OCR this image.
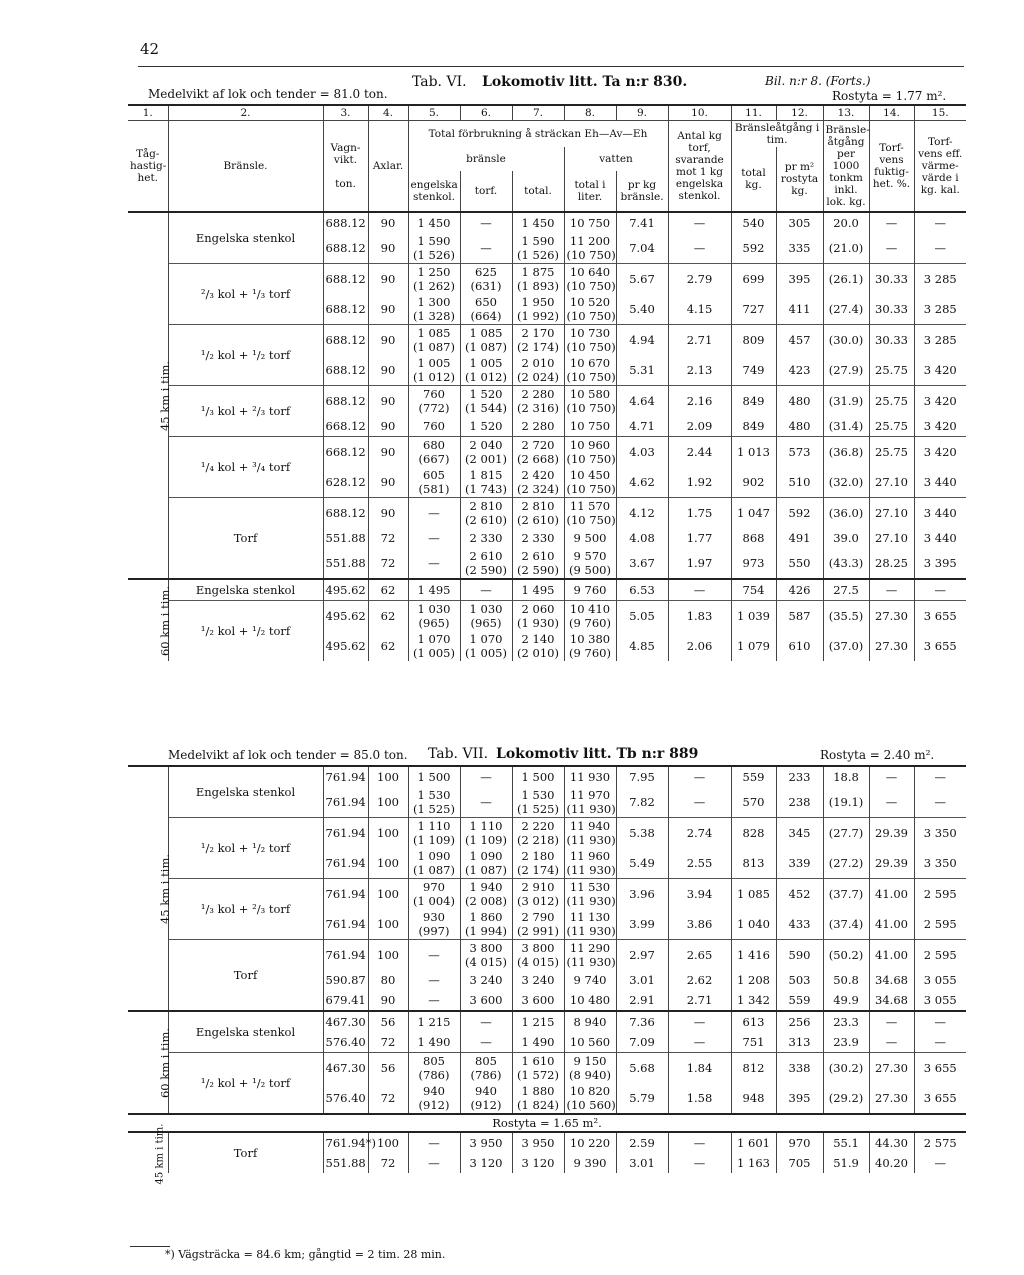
42
Medelvikt af lok och tender = 81.0 ton.
Tab. VI. Lokomotiv litt. Ta n:r 830.	Bil. n:r 8. (Forts.)
Rostyta = 1.77 m².
1.	2.	3.	4.	5.	6.	7.	8.	9.	10.	11.	12.	13.	14.	15.
Tåg-hastig-het.	Bränsle.	Vagn-vikt.

ton.	Axlar.	Total förbrukning å sträckan Eh—Av—Eh					Antal kg torf, svarande mot 1 kg engelska stenkol.	Bränsleåtgång i tim.		Bränsle-åtgång per 1000 tonkm inkl. lok. kg.	Torf-vens fuktig-het. %.	Torf-vens eff. värme-värde i kg. kal.
				bränsle			vatten			total kg.	pr m² rostyta kg.			
				engelska stenkol.	torf.	total.	total i liter.	pr kg bränsle.						
45 km i tim.	Engelska stenkol	688.12	90	1 450	—	1 450	10 750	7.41	—	540	305	20.0	—	—
		688.12	90	1 590
(1 526)	—	1 590
(1 526)	11 200
(10 750)	7.04	—	592	335	(21.0)	—	—
	²/₃ kol + ¹/₃ torf	688.12	90	1 250
(1 262)	625
(631)	1 875
(1 893)	10 640
(10 750)	5.67	2.79	699	395	(26.1)	30.33	3 285
		688.12	90	1 300
(1 328)	650
(664)	1 950
(1 992)	10 520
(10 750)	5.40	4.15	727	411	(27.4)	30.33	3 285
	¹/₂ kol + ¹/₂ torf	688.12	90	1 085
(1 087)	1 085
(1 087)	2 170
(2 174)	10 730
(10 750)	4.94	2.71	809	457	(30.0)	30.33	3 285
		688.12	90	1 005
(1 012)	1 005
(1 012)	2 010
(2 024)	10 670
(10 750)	5.31	2.13	749	423	(27.9)	25.75	3 420
	¹/₃ kol + ²/₃ torf	688.12	90	760
(772)	1 520
(1 544)	2 280
(2 316)	10 580
(10 750)	4.64	2.16	849	480	(31.9)	25.75	3 420
		668.12	90	760	1 520	2 280	10 750	4.71	2.09	849	480	(31.4)	25.75	3 420
	¹/₄ kol + ³/₄ torf	668.12	90	680
(667)	2 040
(2 001)	2 720
(2 668)	10 960
(10 750)	4.03	2.44	1 013	573	(36.8)	25.75	3 420
		628.12	90	605
(581)	1 815
(1 743)	2 420
(2 324)	10 450
(10 750)	4.62	1.92	902	510	(32.0)	27.10	3 440
	Torf	688.12	90	—	2 810
(2 610)	2 810
(2 610)	11 570
(10 750)	4.12	1.75	1 047	592	(36.0)	27.10	3 440
		551.88	72	—	2 330	2 330	9 500	4.08	1.77	868	491	39.0	27.10	3 440
		551.88	72	—	2 610
(2 590)	2 610
(2 590)	9 570
(9 500)	3.67	1.97	973	550	(43.3)	28.25	3 395
60 km i tim.	Engelska stenkol	495.62	62	1 495	—	1 495	9 760	6.53	—	754	426	27.5	—	—
	¹/₂ kol + ¹/₂ torf	495.62	62	1 030
(965)	1 030
(965)	2 060
(1 930)	10 410
(9 760)	5.05	1.83	1 039	587	(35.5)	27.30	3 655
		495.62	62	1 070
(1 005)	1 070
(1 005)	2 140
(2 010)	10 380
(9 760)	4.85	2.06	1 079	610	(37.0)	27.30	3 655
Medelvikt af lok och tender = 85.0 ton. Tab. VII. Lokomotiv litt. Tb n:r 889	Rostyta = 2.40 m².
45 km i tim.	Engelska stenkol	761.94	100	1 500	—	1 500	11 930	7.95	—	559	233	18.8	—	—
		761.94	100	1 530
(1 525)	—	1 530
(1 525)	11 970
(11 930)	7.82	—	570	238	(19.1)	—	—
	¹/₂ kol + ¹/₂ torf	761.94	100	1 110
(1 109)	1 110
(1 109)	2 220
(2 218)	11 940
(11 930)	5.38	2.74	828	345	(27.7)	29.39	3 350
		761.94	100	1 090
(1 087)	1 090
(1 087)	2 180
(2 174)	11 960
(11 930)	5.49	2.55	813	339	(27.2)	29.39	3 350
	¹/₃ kol + ²/₃ torf	761.94	100	970
(1 004)	1 940
(2 008)	2 910
(3 012)	11 530
(11 930)	3.96	3.94	1 085	452	(37.7)	41.00	2 595
		761.94	100	930
(997)	1 860
(1 994)	2 790
(2 991)	11 130
(11 930)	3.99	3.86	1 040	433	(37.4)	41.00	2 595
	Torf	761.94	100	—	3 800
(4 015)	3 800
(4 015)	11 290
(11 930)	2.97	2.65	1 416	590	(50.2)	41.00	2 595
		590.87	80	—	3 240	3 240	9 740	3.01	2.62	1 208	503	50.8	34.68	3 055
		679.41	90	—	3 600	3 600	10 480	2.91	2.71	1 342	559	49.9	34.68	3 055
60 km i tim.	Engelska stenkol	467.30	56	1 215	—	1 215	8 940	7.36	—	613	256	23.3	—	—
		576.40	72	1 490	—	1 490	10 560	7.09	—	751	313	23.9	—	—
	¹/₂ kol + ¹/₂ torf	467.30	56	805
(786)	805
(786)	1 610
(1 572)	9 150
(8 940)	5.68	1.84	812	338	(30.2)	27.30	3 655
		576.40	72	940
(912)	940
(912)	1 880
(1 824)	10 820
(10 560)	5.79	1.58	948	395	(29.2)	27.30	3 655
Rostyta = 1.65 m².														
45 km i tim.	Torf	761.94*)	100	—	3 950	3 950	10 220	2.59	—	1 601	970	55.1	44.30	2 575
		551.88	72	—	3 120	3 120	9 390	3.01	—	1 163	705	51.9	40.20	—
*) Vägsträcka = 84.6 km; gångtid = 2 tim. 28 min.
